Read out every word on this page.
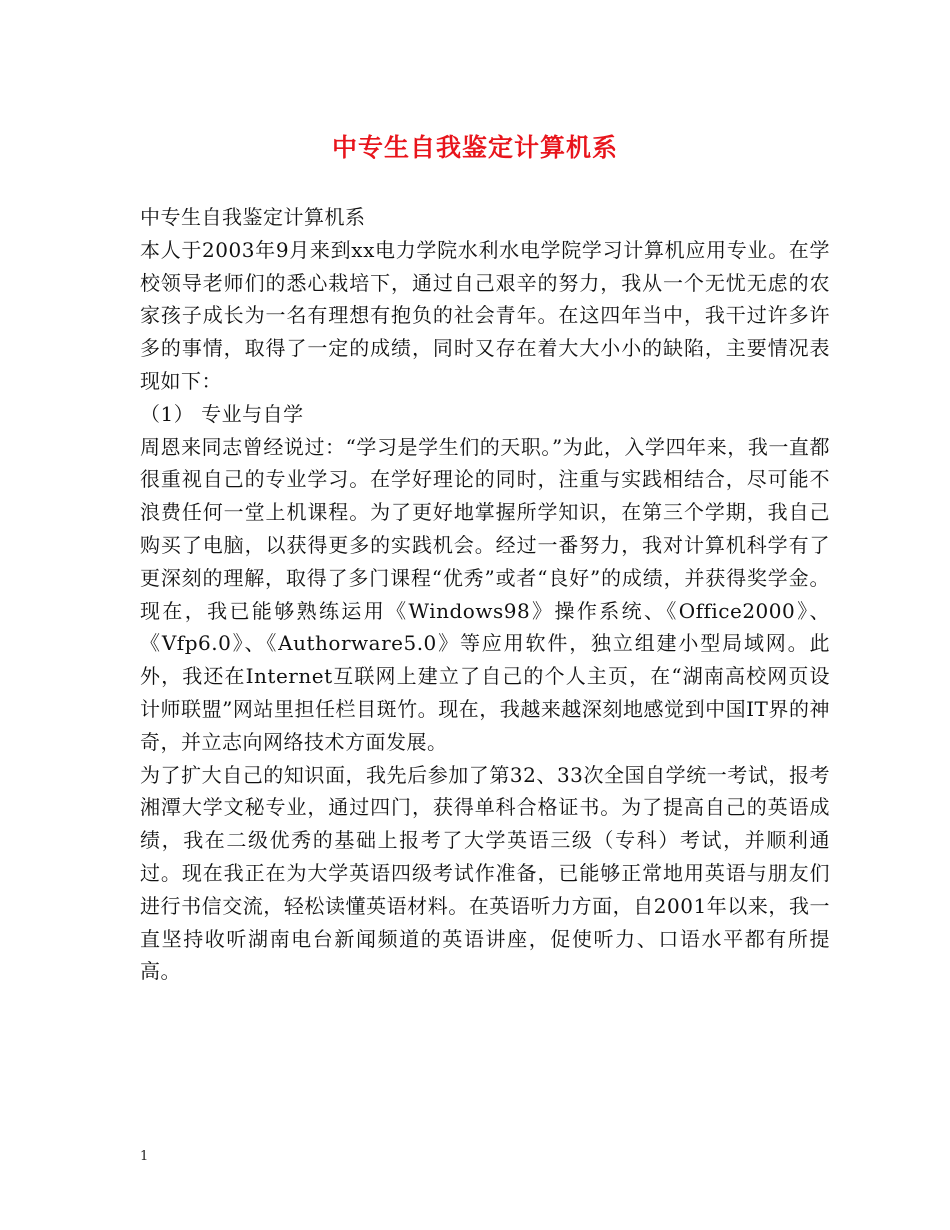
中专生自我鉴定计算机系

中专生自我鉴定计算机系

本人于2003年9月来到xx电力学院水利水电学院学习计算机应用专业。在学校领导老师们的悉心栽培下，通过自己艰辛的努力，我从一个无忧无虑的农家孩子成长为一名有理想有抱负的社会青年。在这四年当中，我干过许多许多的事情，取得了一定的成绩，同时又存在着大大小小的缺陷，主要情况表现如下：

（1） 专业与自学

周恩来同志曾经说过：“学习是学生们的天职。”为此，入学四年来，我一直都很重视自己的专业学习。在学好理论的同时，注重与实践相结合，尽可能不浪费任何一堂上机课程。为了更好地掌握所学知识，在第三个学期，我自己购买了电脑，以获得更多的实践机会。经过一番努力，我对计算机科学有了更深刻的理解，取得了多门课程“优秀”或者“良好”的成绩，并获得奖学金。现在，我已能够熟练运用《Windows98》操作系统、《Office2000》、《Vfp6.0》、《Authorware5.0》等应用软件，独立组建小型局域网。此外，我还在Internet互联网上建立了自己的个人主页，在“湖南高校网页设计师联盟”网站里担任栏目斑竹。现在，我越来越深刻地感觉到中国IT界的神奇，并立志向网络技术方面发展。

为了扩大自己的知识面，我先后参加了第32、33次全国自学统一考试，报考湘潭大学文秘专业，通过四门，获得单科合格证书。为了提高自己的英语成绩，我在二级优秀的基础上报考了大学英语三级（专科）考试，并顺利通过。现在我正在为大学英语四级考试作准备，已能够正常地用英语与朋友们进行书信交流，轻松读懂英语材料。在英语听力方面，自2001年以来，我一直坚持收听湖南电台新闻频道的英语讲座，促使听力、口语水平都有所提高。

1
